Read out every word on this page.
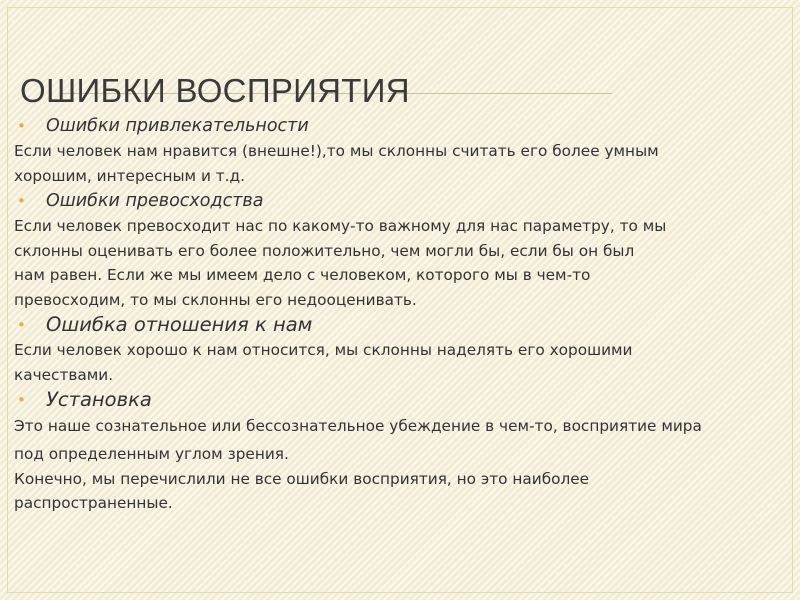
ОШИБКИ ВОСПРИЯТИЯ

• Ошибки привлекательности

Если человек нам нравится (внешне!),то мы склонны считать его более умным

хорошим, интересным и т.д.

• Ошибки превосходства

Если человек превосходит нас по какому-то важному для нас параметру, то мы

склонны оценивать его более положительно, чем могли бы, если бы он был

нам равен. Если же мы имеем дело с человеком, которого мы в чем-то

превосходим, то мы склонны его недооценивать.

• Ошибка отношения к нам

Если человек хорошо к нам относится, мы склонны наделять его хорошими

качествами.

• Установка

Это наше сознательное или бессознательное убеждение в чем-то, восприятие мира

под определенным углом зрения.

Конечно, мы перечислили не все ошибки восприятия, но это наиболее

распространенные.
